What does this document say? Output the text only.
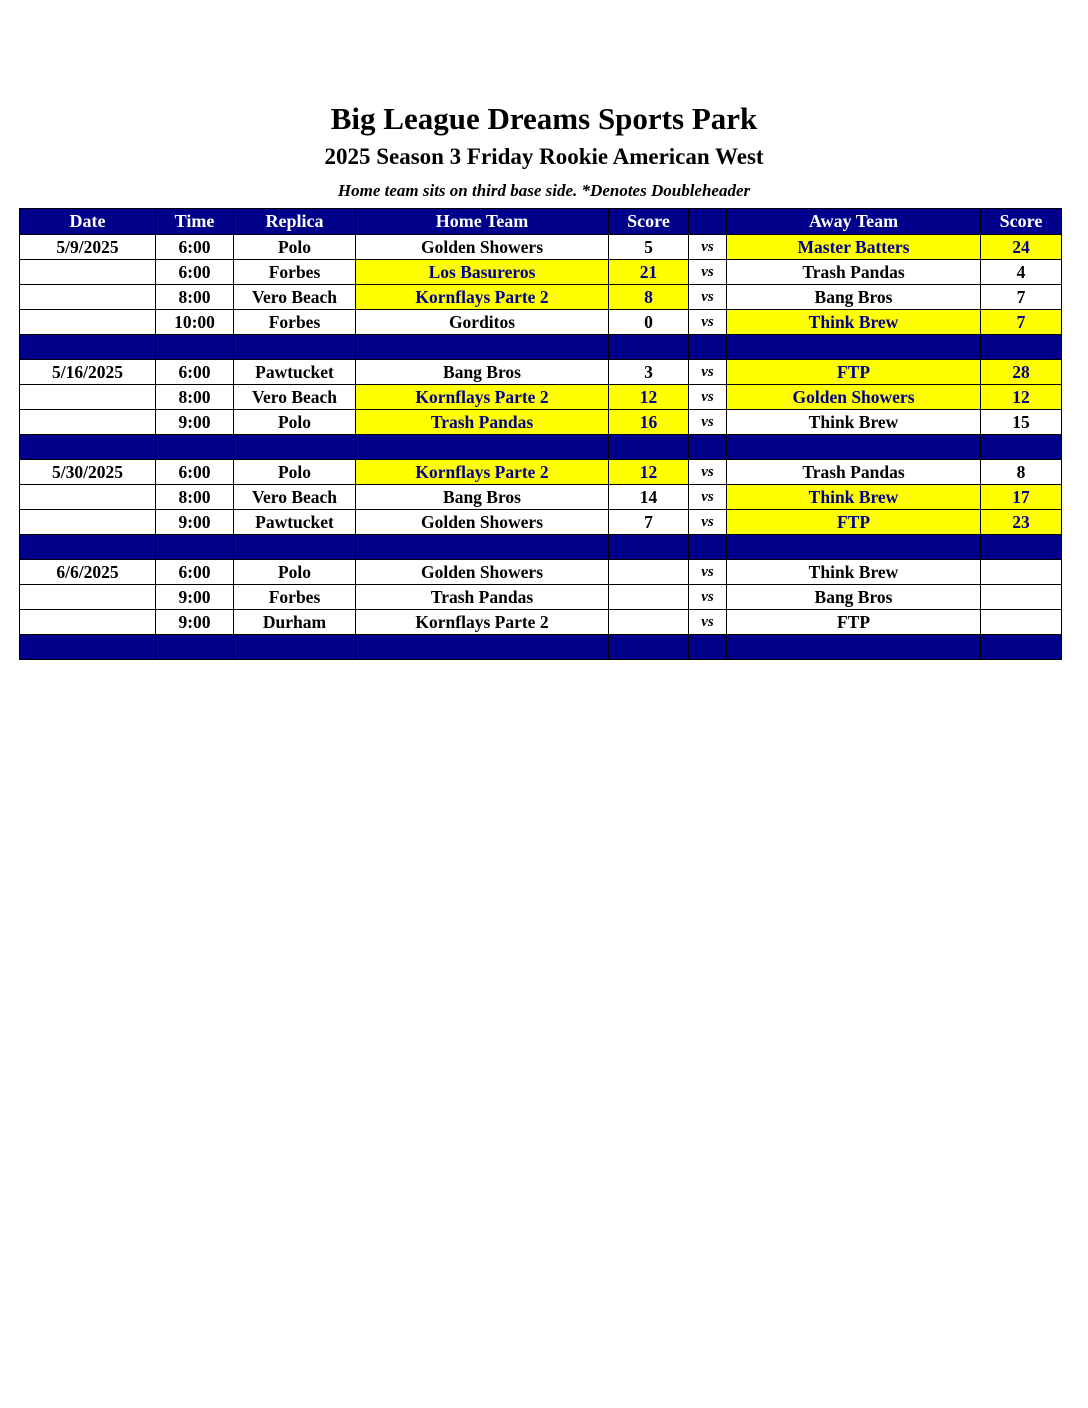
Big League Dreams Sports Park
2025 Season 3 Friday Rookie American West
Home team sits on third base side. *Denotes Doubleheader
Date	Time	Replica	Home Team	Score		Away Team	Score
5/9/2025	6:00	Polo	Golden Showers	5	vs	Master Batters	24
	6:00	Forbes	Los Basureros	21	vs	Trash Pandas	4
	8:00	Vero Beach	Kornflays Parte 2	8	vs	Bang Bros	7
	10:00	Forbes	Gorditos	0	vs	Think Brew	7

5/16/2025	6:00	Pawtucket	Bang Bros	3	vs	FTP	28
	8:00	Vero Beach	Kornflays Parte 2	12	vs	Golden Showers	12
	9:00	Polo	Trash Pandas	16	vs	Think Brew	15

5/30/2025	6:00	Polo	Kornflays Parte 2	12	vs	Trash Pandas	8
	8:00	Vero Beach	Bang Bros	14	vs	Think Brew	17
	9:00	Pawtucket	Golden Showers	7	vs	FTP	23

6/6/2025	6:00	Polo	Golden Showers		vs	Think Brew	
	9:00	Forbes	Trash Pandas		vs	Bang Bros	
	9:00	Durham	Kornflays Parte 2		vs	FTP	
